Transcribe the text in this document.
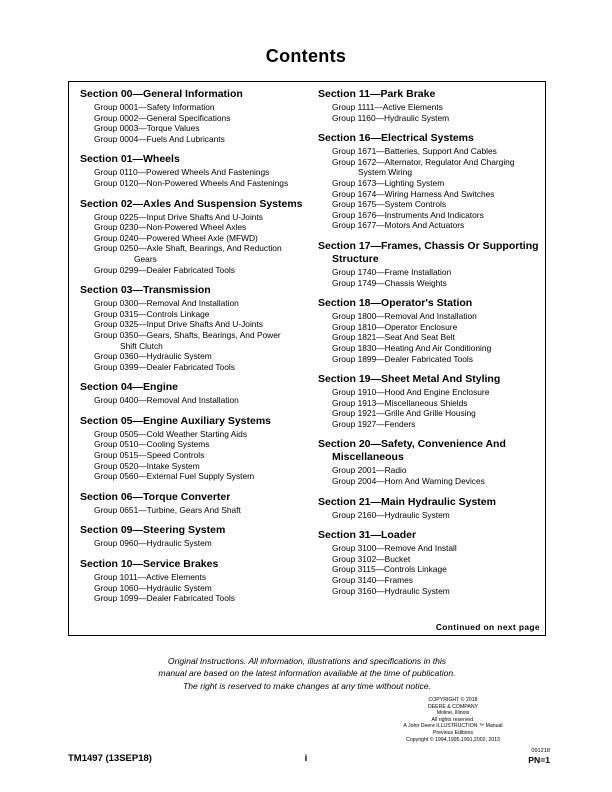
Contents
Section 00—General Information
Group 0001—Safety Information
Group 0002—General Specifications
Group 0003—Torque Values
Group 0004—Fuels And Lubricants
Section 01—Wheels
Group 0110—Powered Wheels And Fastenings
Group 0120—Non-Powered Wheels And Fastenings
Section 02—Axles And Suspension Systems
Group 0225—Input Drive Shafts And U-Joints
Group 0230—Non-Powered Wheel Axles
Group 0240—Powered Wheel Axle (MFWD)
Group 0250—Axle Shaft, Bearings, And Reduction
Gears
Group 0299—Dealer Fabricated Tools
Section 03—Transmission
Group 0300—Removal And Installation
Group 0315—Controls Linkage
Group 0325—Input Drive Shafts And U-Joints
Group 0350—Gears, Shafts, Bearings, And Power
Shift Clutch
Group 0360—Hydraulic System
Group 0399—Dealer Fabricated Tools
Section 04—Engine
Group 0400—Removal And Installation
Section 05—Engine Auxiliary Systems
Group 0505—Cold Weather Starting Aids
Group 0510—Cooling Systems
Group 0515—Speed Controls
Group 0520—Intake System
Group 0560—External Fuel Supply System
Section 06—Torque Converter
Group 0651—Turbine, Gears And Shaft
Section 09—Steering System
Group 0960—Hydraulic System
Section 10—Service Brakes
Group 1011—Active Elements
Group 1060—Hydraulic System
Group 1099—Dealer Fabricated Tools
Section 11—Park Brake
Group 1111—Active Elements
Group 1160—Hydraulic System
Section 16—Electrical Systems
Group 1671—Batteries, Support And Cables
Group 1672—Alternator, Regulator And Charging
System Wiring
Group 1673—Lighting System
Group 1674—Wiring Harness And Switches
Group 1675—System Controls
Group 1676—Instruments And Indicators
Group 1677—Motors And Actuators
Section 17—Frames, Chassis Or Supporting
Structure
Group 1740—Frame Installation
Group 1749—Chassis Weights
Section 18—Operator's Station
Group 1800—Removal And Installation
Group 1810—Operator Enclosure
Group 1821—Seat And Seat Belt
Group 1830—Heating And Air Conditioning
Group 1899—Dealer Fabricated Tools
Section 19—Sheet Metal And Styling
Group 1910—Hood And Engine Enclosure
Group 1913—Miscellaneous Shields
Group 1921—Grille And Grille Housing
Group 1927—Fenders
Section 20—Safety, Convenience And
Miscellaneous
Group 2001—Radio
Group 2004—Horn And Warning Devices
Section 21—Main Hydraulic System
Group 2160—Hydraulic System
Section 31—Loader
Group 3100—Remove And Install
Group 3102—Bucket
Group 3115—Controls Linkage
Group 3140—Frames
Group 3160—Hydraulic System
Continued on next page
Original Instructions. All information, illustrations and specifications in this
manual are based on the latest information available at the time of publication.
The right is reserved to make changes at any time without notice.
COPYRIGHT © 2018
DEERE & COMPANY
Moline, Illinois
All rights reserved.
A John Deere ILLUSTRUCTION ™ Manual
Previous Editions
Copyright © 1994,1995,1991,2002, 2013
TM1497 (13SEP18)	i
091218
PN=1
